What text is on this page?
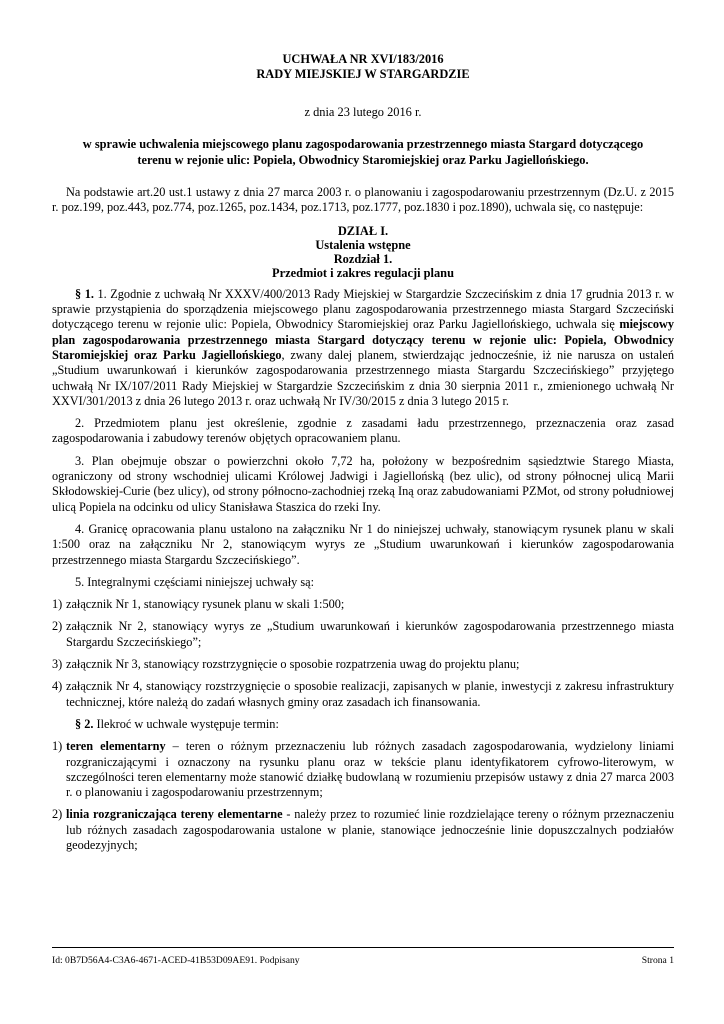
UCHWAŁA NR XVI/183/2016
RADY MIEJSKIEJ W STARGARDZIE
z dnia 23 lutego 2016 r.
w sprawie uchwalenia miejscowego planu zagospodarowania przestrzennego miasta Stargard dotyczącego
terenu w rejonie ulic: Popiela, Obwodnicy Staromiejskiej oraz Parku Jagiellońskiego.
Na podstawie art.20 ust.1 ustawy z dnia 27 marca 2003 r. o planowaniu i zagospodarowaniu przestrzennym (Dz.U. z 2015 r. poz.199, poz.443, poz.774, poz.1265, poz.1434, poz.1713, poz.1777, poz.1830 i poz.1890), uchwala się, co następuje:
DZIAŁ I.
Ustalenia wstępne
Rozdział 1.
Przedmiot i zakres regulacji planu
§ 1. 1. Zgodnie z uchwałą Nr XXXV/400/2013 Rady Miejskiej w Stargardzie Szczecińskim z dnia 17 grudnia 2013 r. w sprawie przystąpienia do sporządzenia miejscowego planu zagospodarowania przestrzennego miasta Stargard Szczeciński dotyczącego terenu w rejonie ulic: Popiela, Obwodnicy Staromiejskiej oraz Parku Jagiellońskiego, uchwala się miejscowy plan zagospodarowania przestrzennego miasta Stargard dotyczący terenu w rejonie ulic: Popiela, Obwodnicy Staromiejskiej oraz Parku Jagiellońskiego, zwany dalej planem, stwierdzając jednocześnie, iż nie narusza on ustaleń „Studium uwarunkowań i kierunków zagospodarowania przestrzennego miasta Stargardu Szczecińskiego” przyjętego uchwałą Nr IX/107/2011 Rady Miejskiej w Stargardzie Szczecińskim z dnia 30 sierpnia 2011 r., zmienionego uchwałą Nr XXVI/301/2013 z dnia 26 lutego 2013 r. oraz uchwałą Nr IV/30/2015 z dnia 3 lutego 2015 r.
2. Przedmiotem planu jest określenie, zgodnie z zasadami ładu przestrzennego, przeznaczenia oraz zasad zagospodarowania i zabudowy terenów objętych opracowaniem planu.
3. Plan obejmuje obszar o powierzchni około 7,72 ha, położony w bezpośrednim sąsiedztwie Starego Miasta, ograniczony od strony wschodniej ulicami Królowej Jadwigi i Jagiellońską (bez ulic), od strony północnej ulicą Marii Skłodowskiej-Curie (bez ulicy), od strony północno-zachodniej rzeką Iną oraz zabudowaniami PZMot, od strony południowej ulicą Popiela na odcinku od ulicy Stanisława Staszica do rzeki Iny.
4. Granicę opracowania planu ustalono na załączniku Nr 1 do niniejszej uchwały, stanowiącym rysunek planu w skali 1:500 oraz na załączniku Nr 2, stanowiącym wyrys ze „Studium uwarunkowań i kierunków zagospodarowania przestrzennego miasta Stargardu Szczecińskiego”.
5. Integralnymi częściami niniejszej uchwały są:
1) załącznik Nr 1, stanowiący rysunek planu w skali 1:500;
2) załącznik Nr 2, stanowiący wyrys ze „Studium uwarunkowań i kierunków zagospodarowania przestrzennego miasta Stargardu Szczecińskiego”;
3) załącznik Nr 3, stanowiący rozstrzygnięcie o sposobie rozpatrzenia uwag do projektu planu;
4) załącznik Nr 4, stanowiący rozstrzygnięcie o sposobie realizacji, zapisanych w planie, inwestycji z zakresu infrastruktury technicznej, które należą do zadań własnych gminy oraz zasadach ich finansowania.
§ 2. Ilekroć w uchwale występuje termin:
1) teren elementarny – teren o różnym przeznaczeniu lub różnych zasadach zagospodarowania, wydzielony liniami rozgraniczającymi i oznaczony na rysunku planu oraz w tekście planu identyfikatorem cyfrowo-literowym, w szczególności teren elementarny może stanowić działkę budowlaną w rozumieniu przepisów ustawy z dnia 27 marca 2003 r. o planowaniu i zagospodarowaniu przestrzennym;
2) linia rozgraniczająca tereny elementarne - należy przez to rozumieć linie rozdzielające tereny o różnym przeznaczeniu lub różnych zasadach zagospodarowania ustalone w planie, stanowiące jednocześnie linie dopuszczalnych podziałów geodezyjnych;
Id: 0B7D56A4-C3A6-4671-ACED-41B53D09AE91. Podpisany	Strona 1
